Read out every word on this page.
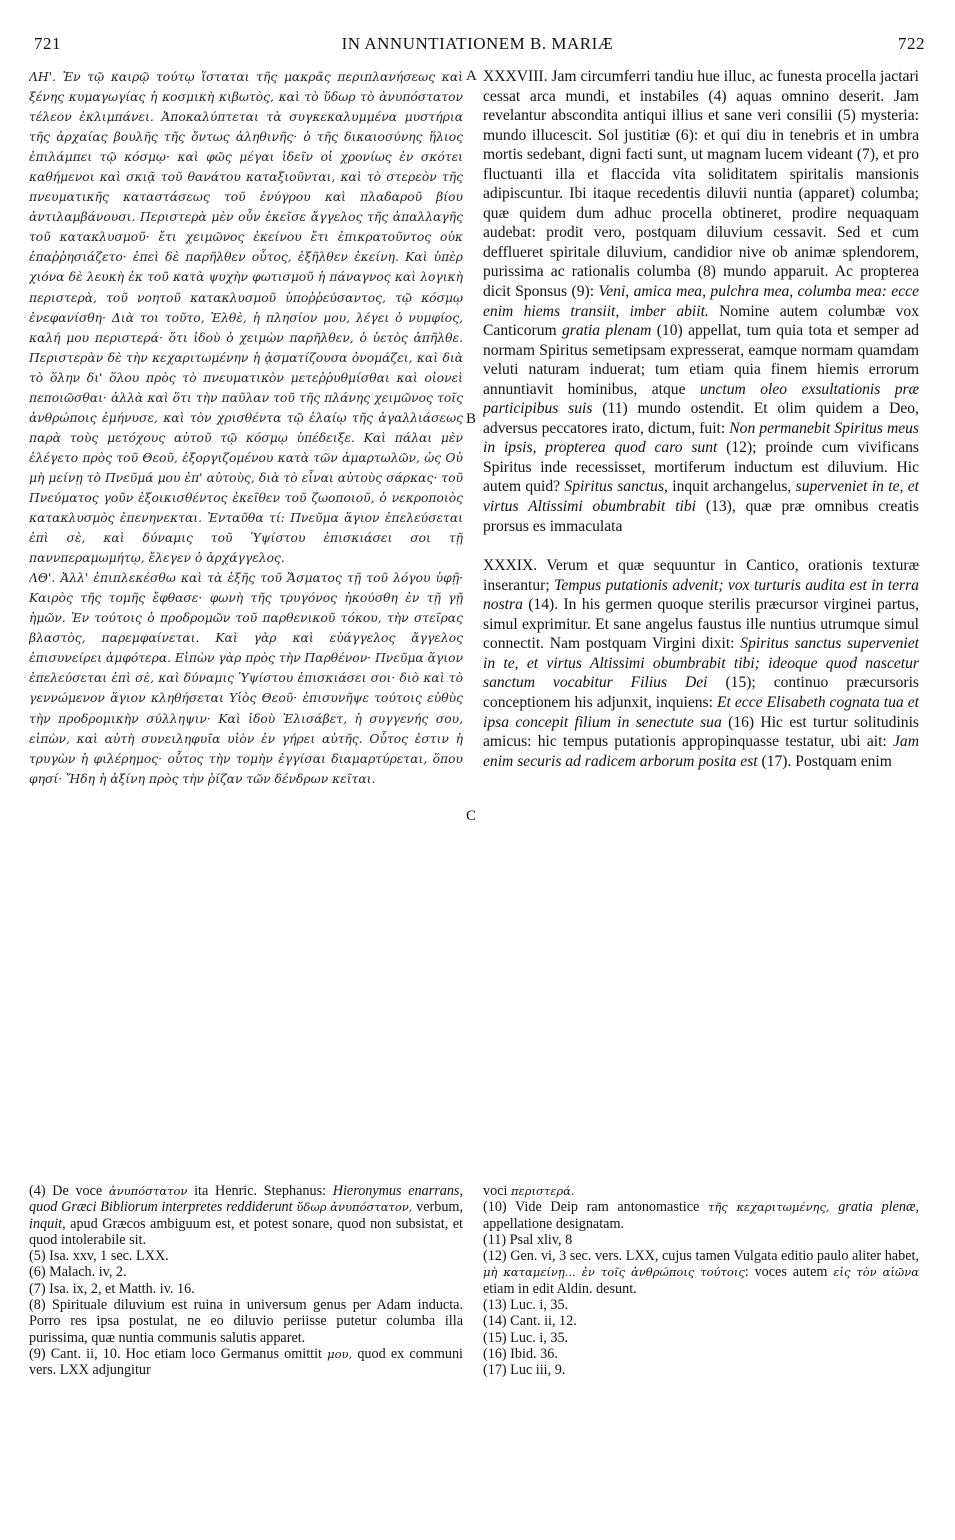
721	IN ANNUNTIATIONEM B. MARIÆ	722

ΛΗ'. Ἐν τῷ καιρῷ τούτῳ ἵσταται τῆς μακρᾶς περιπλανήσεως καὶ ξένης κυμαγωγίας ἡ κοσμικὴ κιβωτὸς, καὶ τὸ ὕδωρ τὸ ἀνυπόστατον τέλεον ἐκλιμπάνει. Ἀποκαλύπτεται τὰ συγκεκαλυμμένα μυστήρια τῆς ἀρχαίας βουλῆς τῆς ὄντως ἀληθινῆς· ὁ τῆς δικαιοσύνης ἥλιος ἐπιλάμπει τῷ κόσμῳ· καὶ φῶς μέγαι ἰδεῖν οἱ χρονίως ἐν σκότει καθήμενοι καὶ σκιᾷ τοῦ θανάτου καταξιοῦνται, καὶ τὸ στερεὸν τῆς πνευματικῆς καταστάσεως τοῦ ἐνύγρου καὶ πλαδαροῦ βίου ἀντιλαμβάνουσι. Περιστερὰ μὲν οὖν ἐκεῖσε ἄγγελος τῆς ἀπαλλαγῆς τοῦ κατακλυσμοῦ· ἔτι χειμῶνος ἐκείνου ἔτι ἐπικρατοῦντος οὐκ ἐπαῤῥησιάζετο· ἐπεὶ δὲ παρῆλθεν οὗτος, ἐξῆλθεν ἐκείνη. Καὶ ὑπὲρ χιόνα δὲ λευκὴ ἐκ τοῦ κατὰ ψυχὴν φωτισμοῦ ἡ πάναγνος καὶ λογικὴ περιστερὰ, τοῦ νοητοῦ κατακλυσμοῦ ὑποῤῥεύσαντος, τῷ κόσμῳ ἐνεφανίσθη· Διὰ τοι τοῦτο, Ἐλθὲ, ἡ πλησίον μου, λέγει ὁ νυμφίος, καλή μου περιστερά· ὅτι ἰδοὺ ὁ χειμὼν παρῆλθεν, ὁ ὑετὸς ἀπῆλθε. Περιστερὰν δὲ τὴν κεχαριτωμένην ἡ ᾀσματίζουσα ὀνομάζει, καὶ διὰ τὸ ὅλην δι' ὅλου πρὸς τὸ πνευματικὸν μετεῤῥυθμίσθαι καὶ οἰονεὶ πεποιῶσθαι· ἀλλὰ καὶ ὅτι τὴν παῦλαν τοῦ τῆς πλάνης χειμῶνος τοῖς ἀνθρώποις ἐμήνυσε, καὶ τὸν χρισθέντα τῷ ἐλαίῳ τῆς ἀγαλλιάσεως παρὰ τοὺς μετόχους αὐτοῦ τῷ κόσμῳ ὑπέδειξε. Καὶ πάλαι μὲν ἐλέγετο πρὸς τοῦ Θεοῦ, ἐξοργιζομένου κατὰ τῶν ἁμαρτωλῶν, ὡς Οὐ μὴ μείνῃ τὸ Πνεῦμά μου ἐπ' αὐτοὺς, διὰ τὸ εἶναι αὐτοὺς σάρκας· τοῦ Πνεύματος γοῦν ἐξοικισθέντος ἐκεῖθεν τοῦ ζωοποιοῦ, ὁ νεκροποιὸς κατακλυσμὸς ἐπενηνεκται. Ἐνταῦθα τί: Πνεῦμα ἅγιον ἐπελεύσεται ἐπὶ σὲ, καὶ δύναμις τοῦ Ὑψίστου ἐπισκιάσει σοι τῇ παννπεραμωμήτῳ, ἔλεγεν ὁ ἀρχάγγελος.

ΛΘ'. Ἀλλ' ἐπιπλεκέσθω καὶ τὰ ἑξῆς τοῦ Ἄσματος τῇ τοῦ λόγου ὑφῇ· Καιρὸς τῆς τομῆς ἔφθασε· φωνὴ τῆς τρυγόνος ἠκούσθη ἐν τῇ γῇ ἡμῶν. Ἐν τούτοις ὁ προδρομῶν τοῦ παρθενικοῦ τόκου, τὴν στεῖρας βλαστὸς, παρεμφαίνεται. Καὶ γὰρ καὶ εὐάγγελος ἄγγελος ἐπισυνείρει ἀμφότερα. Εἰπὼν γὰρ πρὸς τὴν Παρθένον· Πνεῦμα ἅγιον ἐπελεύσεται ἐπὶ σὲ, καὶ δύναμις Ὑψίστου ἐπισκιάσει σοι· διὸ καὶ τὸ γεννώμενον ἅγιον κληθήσεται Υἱὸς Θεοῦ· ἐπισυνῆψε τούτοις εὐθὺς τὴν προδρομικὴν σύλληψιν· Καὶ ἰδοὺ Ἐλισάβετ, ἡ συγγενής σου, εἰπὼν, καὶ αὐτὴ συνειληφυῖα υἱὸν ἐν γήρει αὐτῆς. Οὗτος ἐστιν ἡ τρυγὼν ἡ φιλέρημος· οὗτος τὴν τομὴν ἐγγίσαι διαμαρτύρεται, ὅπου φησί· Ἤδη ἡ ἀξίνη πρὸς τὴν ῥίζαν τῶν δένδρων κεῖται.

A
B
C

XXXVIII. Jam circumferri tandiu hue illuc, ac funesta procella jactari cessat arca mundi, et instabiles (4) aquas omnino deserit. Jam revelantur abscondita antiqui illius et sane veri consilii (5) mysteria: mundo illucescit. Sol justitiæ (6): et qui diu in tenebris et in umbra mortis sedebant, digni facti sunt, ut magnam lucem videant (7), et pro fluctuanti illa et flaccida vita soliditatem spiritalis mansionis adipiscuntur. Ibi itaque recedentis diluvii nuntia (apparet) columba; quæ quidem dum adhuc procella obtineret, prodire nequaquam audebat: prodit vero, postquam diluvium cessavit. Sed et cum defflueret spiritale diluvium, candidior nive ob animæ splendorem, purissima ac rationalis columba (8) mundo apparuit. Ac propterea dicit Sponsus (9): Veni, amica mea, pulchra mea, columba mea: ecce enim hiems transiit, imber abiit. Nomine autem columbæ vox Canticorum gratia plenam (10) appellat, tum quia tota et semper ad normam Spiritus semetipsam expresserat, eamque normam quamdam veluti naturam induerat; tum etiam quia finem hiemis errorum annuntiavit hominibus, atque unctum oleo exsultationis præ participibus suis (11) mundo ostendit. Et olim quidem a Deo, adversus peccatores irato, dictum, fuit: Non permanebit Spiritus meus in ipsis, propterea quod caro sunt (12); proinde cum vivificans Spiritus inde recessisset, mortiferum inductum est diluvium. Hic autem quid? Spiritus sanctus, inquit archangelus, superveniet in te, et virtus Altissimi obumbrabit tibi (13), quæ præ omnibus creatis prorsus es immaculata

XXXIX. Verum et quæ sequuntur in Cantico, orationis texturæ inserantur; Tempus putationis advenit; vox turturis audita est in terra nostra (14). In his germen quoque sterilis præcursor virginei partus, simul exprimitur. Et sane angelus faustus ille nuntius utrumque simul connectit. Nam postquam Virgini dixit: Spiritus sanctus superveniet in te, et virtus Altissimi obumbrabit tibi; ideoque quod nascetur sanctum vocabitur Filius Dei (15); continuo præcursoris conceptionem his adjunxit, inquiens: Et ecce Elisabeth cognata tua et ipsa concepit filium in senectute sua (16) Hic est turtur solitudinis amicus: hic tempus putationis appropinquasse testatur, ubi ait: Jam enim securis ad radicem arborum posita est (17). Postquam enim

(4) De voce ἀνυπόστατον ita Henric. Stephanus: Hieronymus enarrans, quod Græci Bibliorum interpretes reddiderunt ὕδωρ ἀνυπόστατον, verbum, inquit, apud Græcos ambiguum est, et potest sonare, quod non subsistat, et quod intolerabile sit.

(5) Isa. xxv, 1 sec. LXX.

(6) Malach. iv, 2.

(7) Isa. ix, 2, et Matth. iv. 16.

(8) Spirituale diluvium est ruina in universum genus per Adam inducta. Porro res ipsa postulat, ne eo diluvio periisse putetur columba illa purissima, quæ nuntia communis salutis apparet.

(9) Cant. ii, 10. Hoc etiam loco Germanus omittit μου, quod ex communi vers. LXX adjungitur

voci περιστερά.

(10) Vide Deip ram antonomastice τῆς κεχαριτωμένης, gratia plenæ, appellatione designatam.

(11) Psal xliv, 8

(12) Gen. vi, 3 sec. vers. LXX, cujus tamen Vulgata editio paulo aliter habet, μὴ καταμείνῃ... ἐν τοῖς ἀνθρώποις τούτοις: voces autem εἰς τὸν αἰῶνα etiam in edit Aldin. desunt.

(13) Luc. i, 35.

(14) Cant. ii, 12.

(15) Luc. i, 35.

(16) Ibid. 36.

(17) Luc iii, 9.
